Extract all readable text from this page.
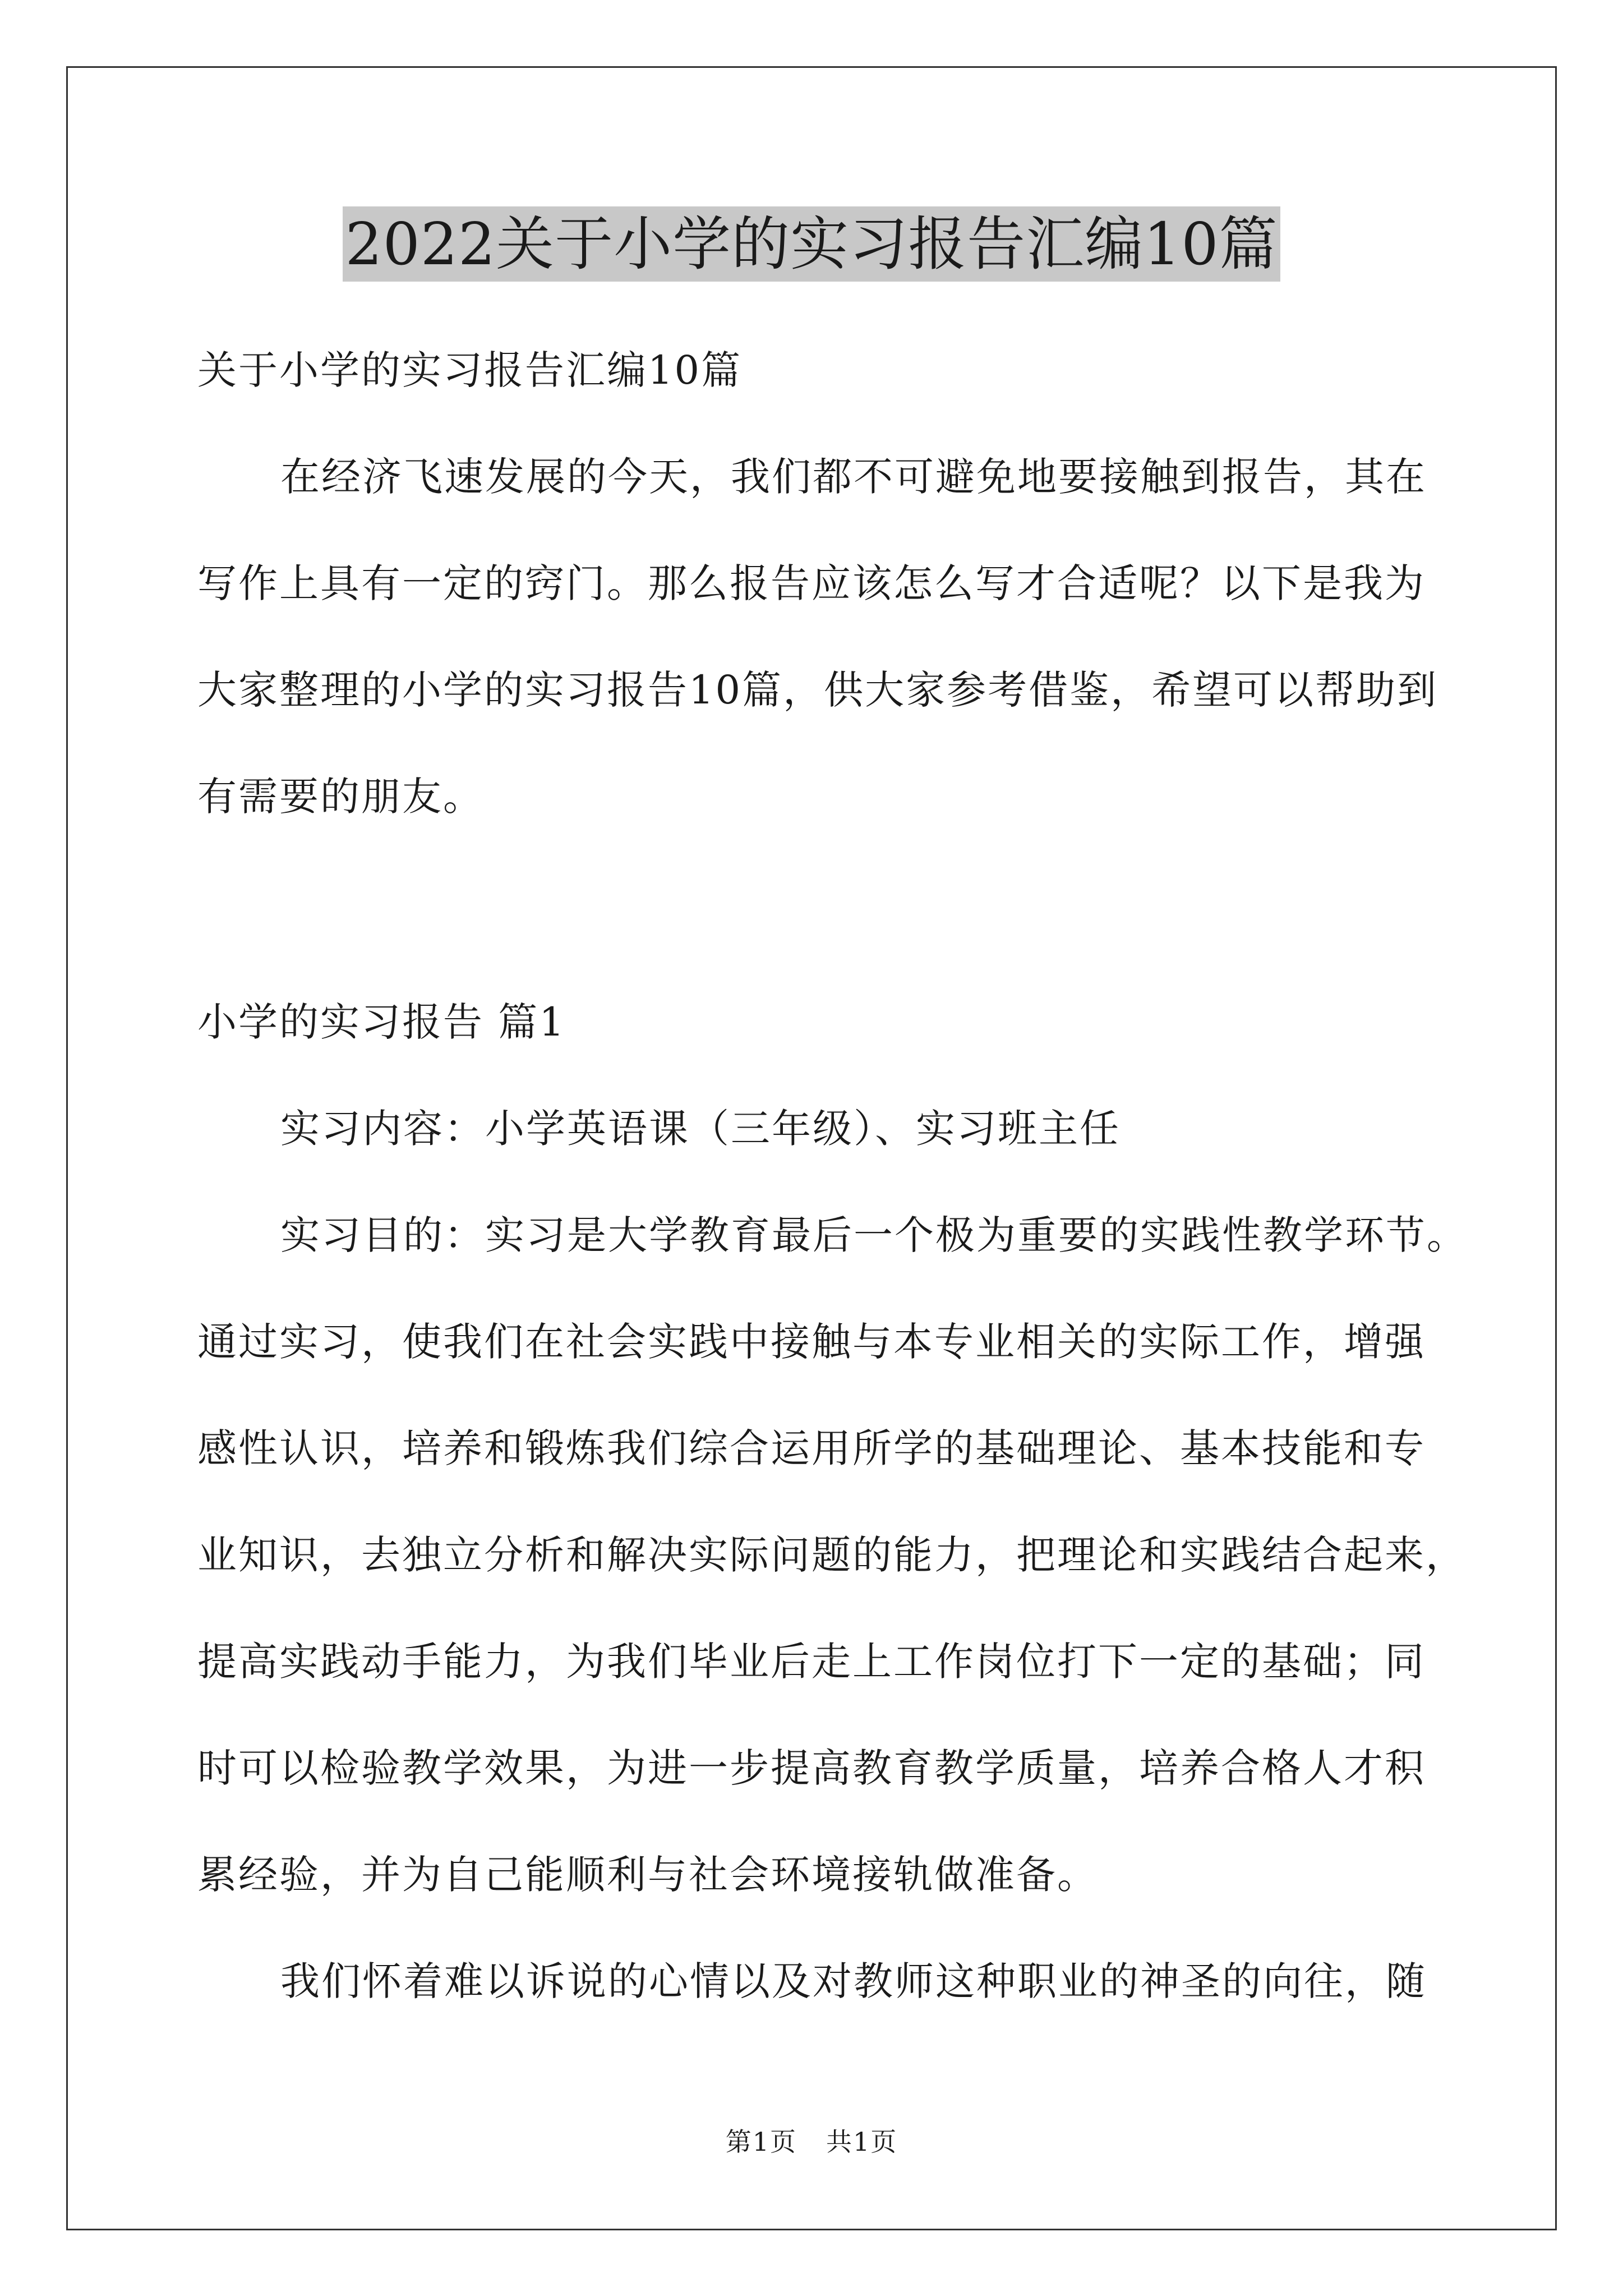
2022关于小学的实习报告汇编10篇
关于小学的实习报告汇编10篇
在经济飞速发展的今天，我们都不可避免地要接触到报告，其在
写作上具有一定的窍门。那么报告应该怎么写才合适呢？以下是我为
大家整理的小学的实习报告10篇，供大家参考借鉴，希望可以帮助到
有需要的朋友。
小学的实习报告 篇1
实习内容：小学英语课（三年级）、实习班主任
实习目的：实习是大学教育最后一个极为重要的实践性教学环节。
通过实习，使我们在社会实践中接触与本专业相关的实际工作，增强
感性认识，培养和锻炼我们综合运用所学的基础理论、基本技能和专
业知识，去独立分析和解决实际问题的能力，把理论和实践结合起来，
提高实践动手能力，为我们毕业后走上工作岗位打下一定的基础；同
时可以检验教学效果，为进一步提高教育教学质量，培养合格人才积
累经验，并为自己能顺利与社会环境接轨做准备。
我们怀着难以诉说的心情以及对教师这种职业的神圣的向往，随
第1页 共1页
